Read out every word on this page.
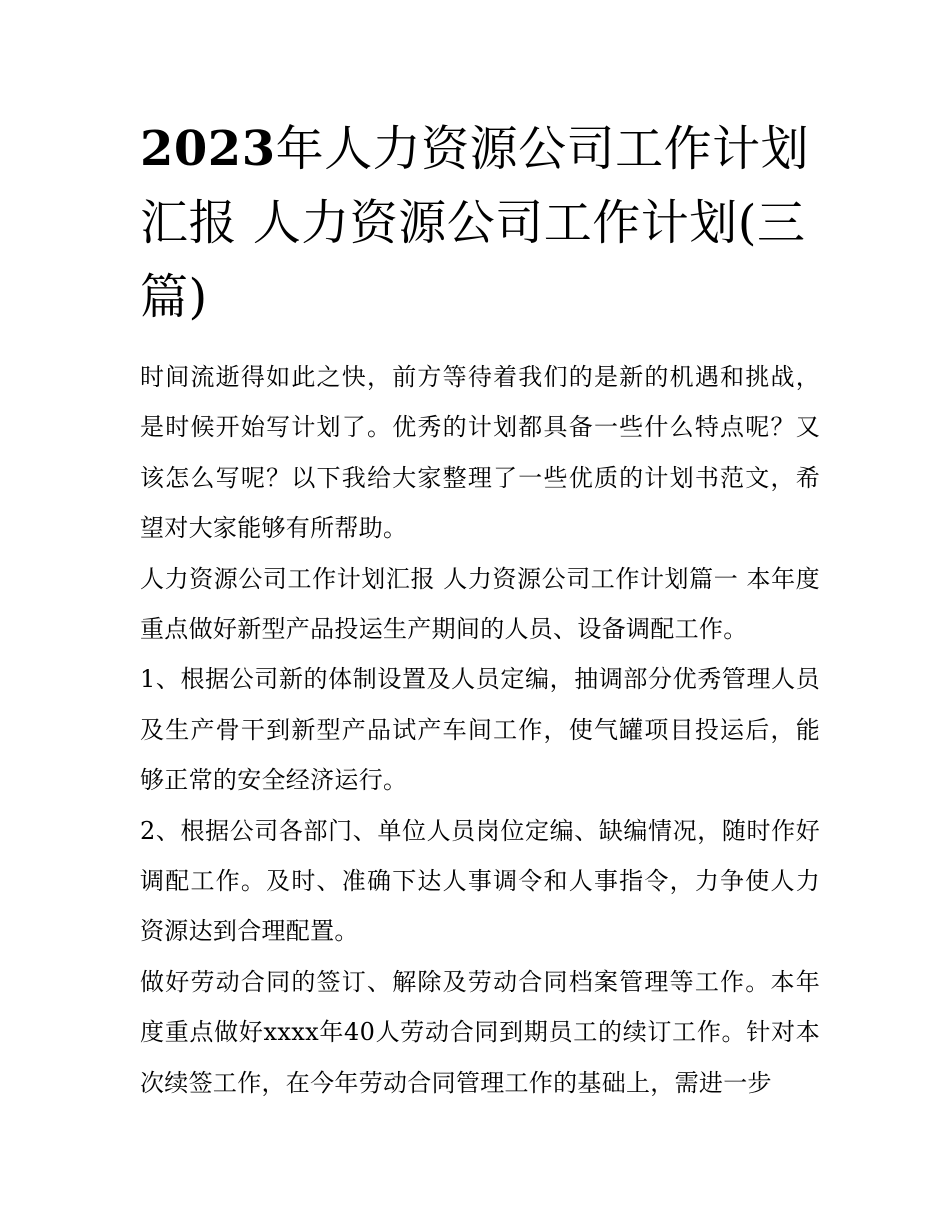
2023年人力资源公司工作计划汇报 人力资源公司工作计划(三篇)

时间流逝得如此之快，前方等待着我们的是新的机遇和挑战，是时候开始写计划了。优秀的计划都具备一些什么特点呢？又该怎么写呢？以下我给大家整理了一些优质的计划书范文，希望对大家能够有所帮助。

人力资源公司工作计划汇报 人力资源公司工作计划篇一 本年度重点做好新型产品投运生产期间的人员、设备调配工作。

1、根据公司新的体制设置及人员定编，抽调部分优秀管理人员及生产骨干到新型产品试产车间工作，使气罐项目投运后，能够正常的安全经济运行。

2、根据公司各部门、单位人员岗位定编、缺编情况，随时作好调配工作。及时、准确下达人事调令和人事指令，力争使人力资源达到合理配置。

做好劳动合同的签订、解除及劳动合同档案管理等工作。本年度重点做好xxxx年40人劳动合同到期员工的续订工作。针对本次续签工作，在今年劳动合同管理工作的基础上，需进一步
